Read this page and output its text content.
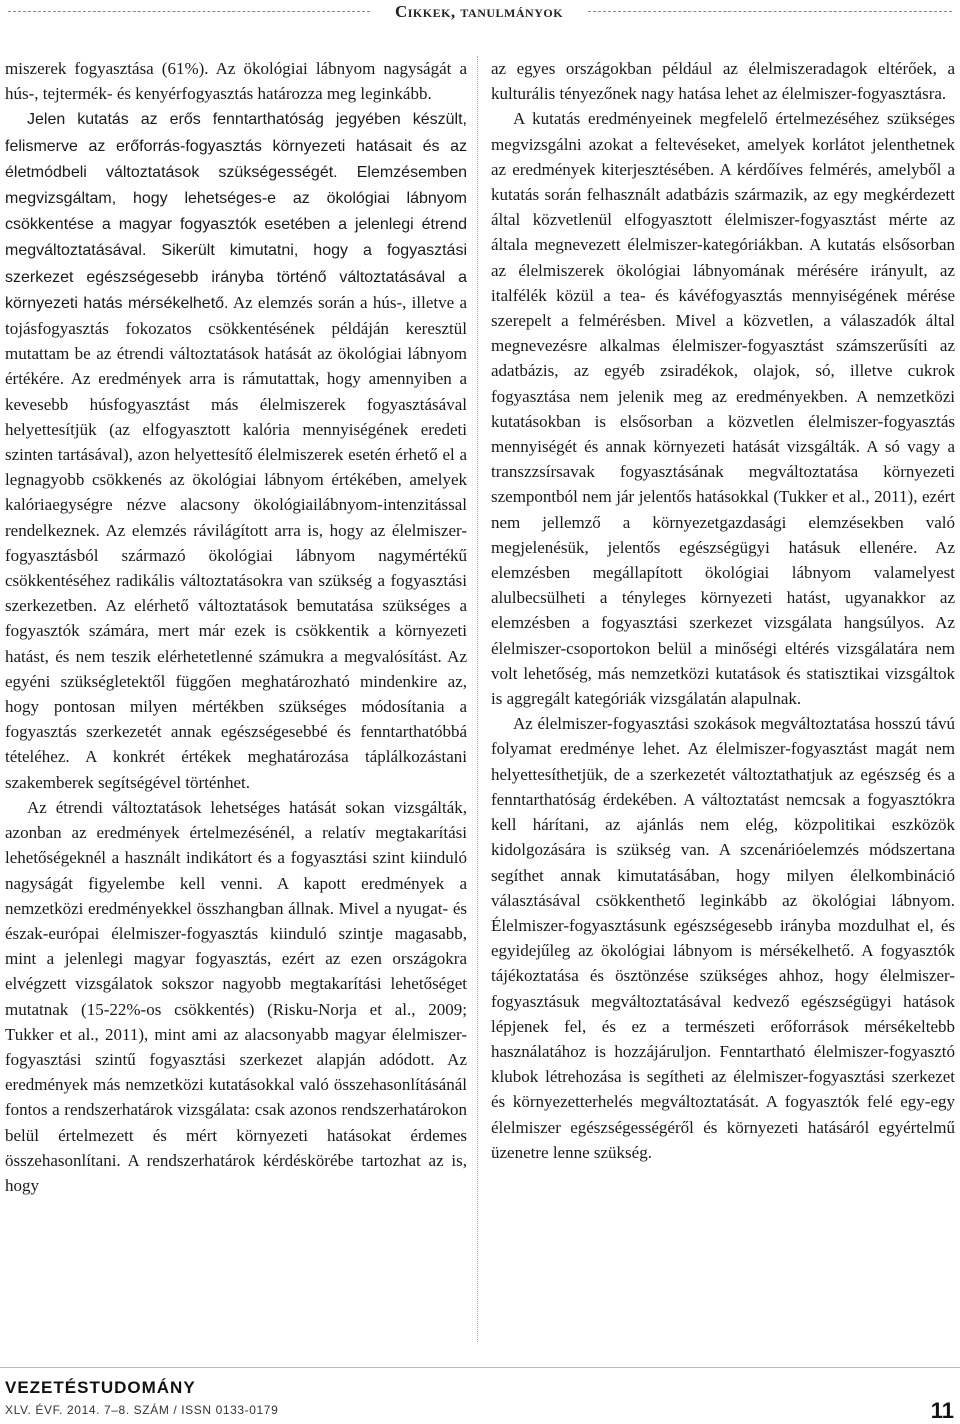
Cikkek, tanulmányok

miszerek fogyasztása (61%). Az ökológiai lábnyom nagyságát a hús-, tejtermék- és kenyérfogyasztás határozza meg leginkább.

Jelen kutatás az erős fenntarthatóság jegyében készült, felismerve az erőforrás-fogyasztás környezeti hatásait és az életmódbeli változtatások szükségességét. Elemzésemben megvizsgáltam, hogy lehetséges-e az ökológiai lábnyom csökkentése a magyar fogyasztók esetében a jelenlegi étrend megváltoztatásával. Sikerült kimutatni, hogy a fogyasztási szerkezet egészségesebb irányba történő változtatásával a környezeti hatás mérsékelhető. Az elemzés során a hús-, illetve a tojásfogyasztás fokozatos csökkentésének példáján keresztül mutattam be az étrendi változtatások hatását az ökológiai lábnyom értékére. Az eredmények arra is rámutattak, hogy amennyiben a kevesebb húsfogyasztást más élelmiszerek fogyasztásával helyettesítjük (az elfogyasztott kalória mennyiségének eredeti szinten tartásával), azon helyettesítő élelmiszerek esetén érhető el a legnagyobb csökkenés az ökológiai lábnyom értékében, amelyek kalóriaegységre nézve alacsony ökológiailábnyom-intenzitással rendelkeznek. Az elemzés rávilágított arra is, hogy az élelmiszer-fogyasztásból származó ökológiai lábnyom nagymértékű csökkentéséhez radikális változtatásokra van szükség a fogyasztási szerkezetben. Az elérhető változtatások bemutatása szükséges a fogyasztók számára, mert már ezek is csökkentik a környezeti hatást, és nem teszik elérhetetlenné számukra a megvalósítást. Az egyéni szükségletektől függően meghatározható mindenkire az, hogy pontosan milyen mértékben szükséges módosítania a fogyasztás szerkezetét annak egészségesebbé és fenntarthatóbbá tételéhez. A konkrét értékek meghatározása táplálkozástani szakemberek segítségével történhet.

Az étrendi változtatások lehetséges hatását sokan vizsgálták, azonban az eredmények értelmezésénél, a relatív megtakarítási lehetőségeknél a használt indikátort és a fogyasztási szint kiinduló nagyságát figyelembe kell venni. A kapott eredmények a nemzetközi eredményekkel összhangban állnak. Mivel a nyugat- és észak-európai élelmiszer-fogyasztás kiinduló szintje magasabb, mint a jelenlegi magyar fogyasztás, ezért az ezen országokra elvégzett vizsgálatok sokszor nagyobb megtakarítási lehetőséget mutatnak (15-22%-os csökkentés) (Risku-Norja et al., 2009; Tukker et al., 2011), mint ami az alacsonyabb magyar élelmiszer-fogyasztási szintű fogyasztási szerkezet alapján adódott. Az eredmények más nemzetközi kutatásokkal való összehasonlításánál fontos a rendszerhatárok vizsgálata: csak azonos rendszerhatárokon belül értelmezett és mért környezeti hatásokat érdemes összehasonlítani. A rendszerhatárok kérdéskörébe tartozhat az is, hogy

az egyes országokban például az élelmiszeradagok eltérőek, a kulturális tényezőnek nagy hatása lehet az élelmiszer-fogyasztásra.

A kutatás eredményeinek megfelelő értelmezéséhez szükséges megvizsgálni azokat a feltevéseket, amelyek korlátot jelenthetnek az eredmények kiterjesztésében. A kérdőíves felmérés, amelyből a kutatás során felhasznált adatbázis származik, az egy megkérdezett által közvetlenül elfogyasztott élelmiszer-fogyasztást mérte az általa megnevezett élelmiszer-kategóriákban. A kutatás elsősorban az élelmiszerek ökológiai lábnyomának mérésére irányult, az italfélék közül a tea- és kávéfogyasztás mennyiségének mérése szerepelt a felmérésben. Mivel a közvetlen, a válaszadók által megnevezésre alkalmas élelmiszer-fogyasztást számszerűsíti az adatbázis, az egyéb zsiradékok, olajok, só, illetve cukrok fogyasztása nem jelenik meg az eredményekben. A nemzetközi kutatásokban is elsősorban a közvetlen élelmiszer-fogyasztás mennyiségét és annak környezeti hatását vizsgálták. A só vagy a transzzsírsavak fogyasztásának megváltoztatása környezeti szempontból nem jár jelentős hatásokkal (Tukker et al., 2011), ezért nem jellemző a környezetgazdasági elemzésekben való megjelenésük, jelentős egészségügyi hatásuk ellenére. Az elemzésben megállapított ökológiai lábnyom valamelyest alulbecsülheti a tényleges környezeti hatást, ugyanakkor az elemzésben a fogyasztási szerkezet vizsgálata hangsúlyos. Az élelmiszer-csoportokon belül a minőségi eltérés vizsgálatára nem volt lehetőség, más nemzetközi kutatások és statisztikai vizsgáltok is aggregált kategóriák vizsgálatán alapulnak.

Az élelmiszer-fogyasztási szokások megváltoztatása hosszú távú folyamat eredménye lehet. Az élelmiszer-fogyasztást magát nem helyettesíthetjük, de a szerkezetét változtathatjuk az egészség és a fenntarthatóság érdekében. A változtatást nemcsak a fogyasztókra kell hárítani, az ajánlás nem elég, közpolitikai eszközök kidolgozására is szükség van. A szcenárióelemzés módszertana segíthet annak kimutatásában, hogy milyen élelkombináció választásával csökkenthető leginkább az ökológiai lábnyom. Élelmiszer-fogyasztásunk egészségesebb irányba mozdulhat el, és egyidejűleg az ökológiai lábnyom is mérsékelhető. A fogyasztók tájékoztatása és ösztönzése szükséges ahhoz, hogy élelmiszer-fogyasztásuk megváltoztatásával kedvező egészségügyi hatások lépjenek fel, és ez a természeti erőforrások mérsékeltebb használatához is hozzájáruljon. Fenntartható élelmiszer-fogyasztó klubok létrehozása is segítheti az élelmiszer-fogyasztási szerkezet és környezetterhelés megváltoztatását. A fogyasztók felé egy-egy élelmiszer egészségességéről és környezeti hatásáról egyértelmű üzenetre lenne szükség.

VEZETÉSTUDOMÁNY
XLV. ÉVF. 2014. 7–8. SZÁM / ISSN 0133-0179	11
